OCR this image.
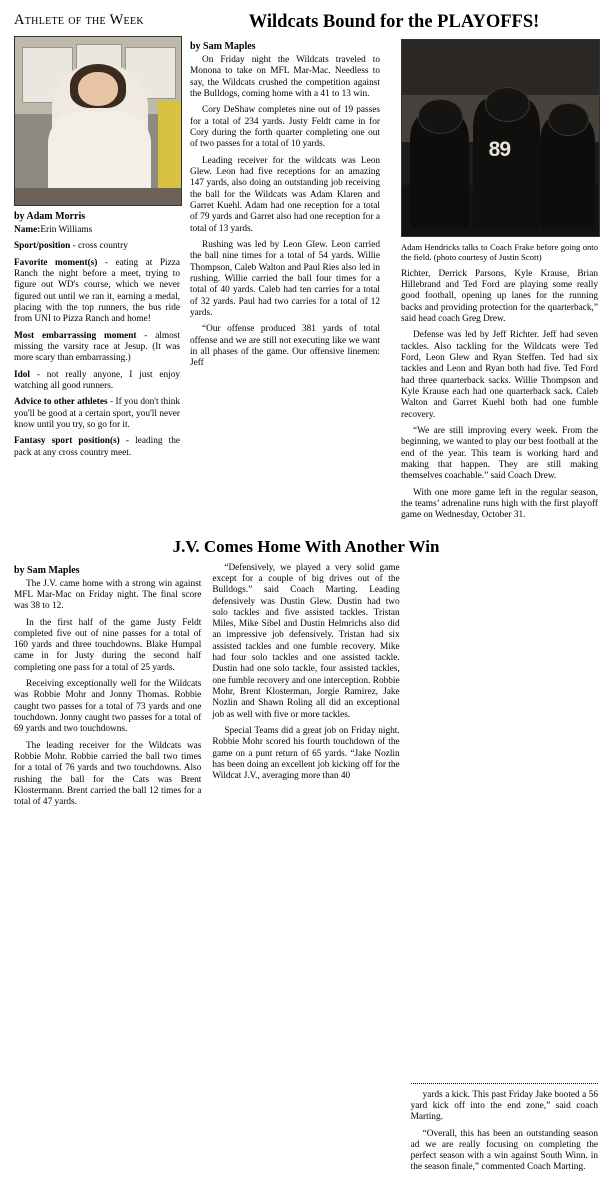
Athlete of the Week
by Adam Morris

Name:Erin Williams

Sport/position - cross country

Favorite moment(s) - eating at Pizza Ranch the night before a meet, trying to figure out WD's course, which we never figured out until we ran it, earning a medal, placing with the top runners, the bus ride from UNI to Pizza Ranch and home!

Most embarrassing moment - almost missing the varsity race at Jesup. (It was more scary than embarrassing.)

Idol - not really anyone, I just enjoy watching all good runners.

Advice to other athletes - If you don't think you'll be good at a certain sport, you'll never know until you try, so go for it.

Fantasy sport position(s) - leading the pack at any cross country meet.

Wildcats Bound for the PLAYOFFS!
by Sam Maples

On Friday night the Wildcats traveled to Monona to take on MFL Mar-Mac. Needless to say, the Wildcats crushed the competition against the Bulldogs, coming home with a 41 to 13 win.

Cory DeShaw completes nine out of 19 passes for a total of 234 yards. Justy Feldt came in for Cory during the forth quarter completing one out of two passes for a total of 10 yards.

Leading receiver for the wildcats was Leon Glew. Leon had five receptions for an amazing 147 yards, also doing an outstanding job receiving the ball for the Wildcats was Adam Klaren and Garret Kuehl. Adam had one reception for a total of 79 yards and Garret also had one reception for a total of 13 yards.

Rushing was led by Leon Glew. Leon carried the ball nine times for a total of 54 yards. Willie Thompson, Caleb Walton and Paul Ries also led in rushing. Willie carried the ball four times for a total of 40 yards. Caleb had ten carries for a total of 32 yards. Paul had two carries for a total of 12 yards.

“Our offense produced 381 yards of total offense and we are still not executing like we want in all phases of the game. Our offensive linemen: Jeff

89

Adam Hendricks talks to Coach Frake before going onto the field. (photo courtesy of Justin Scott)

Richter, Derrick Parsons, Kyle Krause, Brian Hillebrand and Ted Ford are playing some really good football, opening up lanes for the running backs and providing protection for the quarterback,” said head coach Greg Drew.

Defense was led by Jeff Richter. Jeff had seven tackles. Also tackling for the Wildcats were Ted Ford, Leon Glew and Ryan Steffen. Ted had six tackles and Leon and Ryan both had five. Ted Ford had three quarterback sacks. Willie Thompson and Kyle Krause each had one quarterback sack. Caleb Walton and Garret Kuehl both had one fumble recovery.

“We are still improving every week. From the beginning, we wanted to play our best football at the end of the year. This team is working hard and making that happen. They are still making themselves coachable.” said Coach Drew.

With one more game left in the regular season, the teams’ adrenaline runs high with the first playoff game on Wednesday, October 31.

J.V. Comes Home With Another Win
by Sam Maples

The J.V. came home with a strong win against MFL Mar-Mac on Friday night. The final score was 38 to 12.

In the first half of the game Justy Feldt completed five out of nine passes for a total of 160 yards and three touchdowns. Blake Humpal came in for Justy during the second half completing one pass for a total of 25 yards.

Receiving exceptionally well for the Wildcats was Robbie Mohr and Jonny Thomas. Robbie caught two passes for a total of 73 yards and one touchdown. Jonny caught two passes for a total of 69 yards and two touchdowns.

The leading receiver for the Wildcats was Robbie Mohr. Robbie carried the ball two times for a total of 76 yards and two touchdowns. Also rushing the ball for the Cats was Brent Klostermann. Brent carried the ball 12 times for a total of 47 yards.

“Defensively, we played a very solid game except for a couple of big drives out of the Bulldogs.” said Coach Marting. Leading defensively was Dustin Glew. Dustin had two solo tackles and five assisted tackles. Tristan Miles, Mike Sibel and Dustin Helmrichs also did an impressive job defensively. Tristan had six assisted tackles and one fumble recovery. Mike had four solo tackles and one assisted tackle. Dustin had one solo tackle, four assisted tackles, one fumble recovery and one interception. Robbie Mohr, Brent Klosterman, Jorgie Ramirez, Jake Nozlin and Shawn Roling all did an exceptional job as well with five or more tackles.

Special Teams did a great job on Friday night. Robbie Mohr scored his fourth touchdown of the game on a punt return of 65 yards. “Jake Nozlin has been doing an excellent job kicking off for the Wildcat J.V., averaging more than 40

yards a kick. This past Friday Jake booted a 56 yard kick off into the end zone,” said coach Marting.

“Overall, this has been an outstanding season ad we are really focusing on completing the perfect season with a win against South Winn. in the season finale,” commented Coach Marting.
